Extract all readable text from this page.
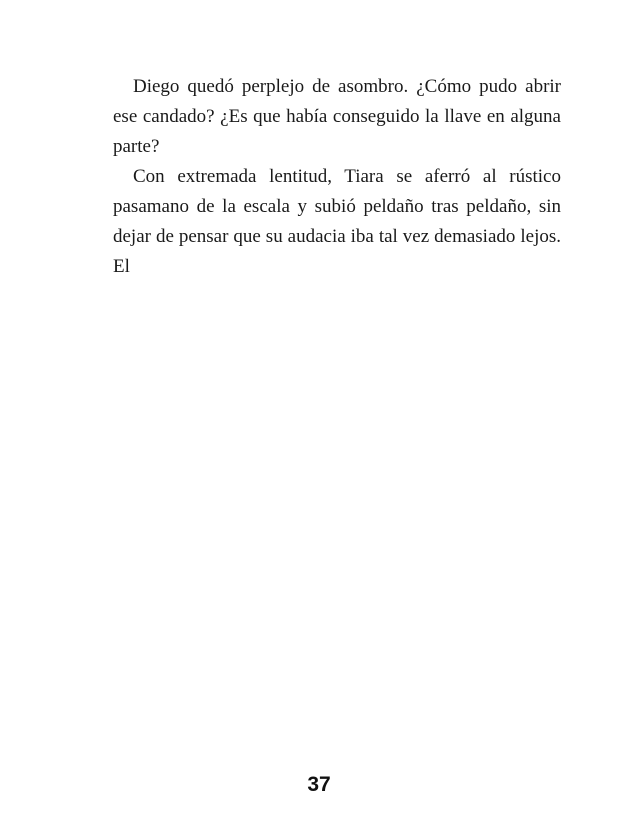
Diego quedó perplejo de asombro. ¿Cómo pudo abrir ese candado? ¿Es que había conseguido la llave en alguna parte?

Con extremada lentitud, Tiara se aferró al rústico pasamano de la escala y subió peldaño tras peldaño, sin dejar de pensar que su audacia iba tal vez demasiado lejos. El

37
